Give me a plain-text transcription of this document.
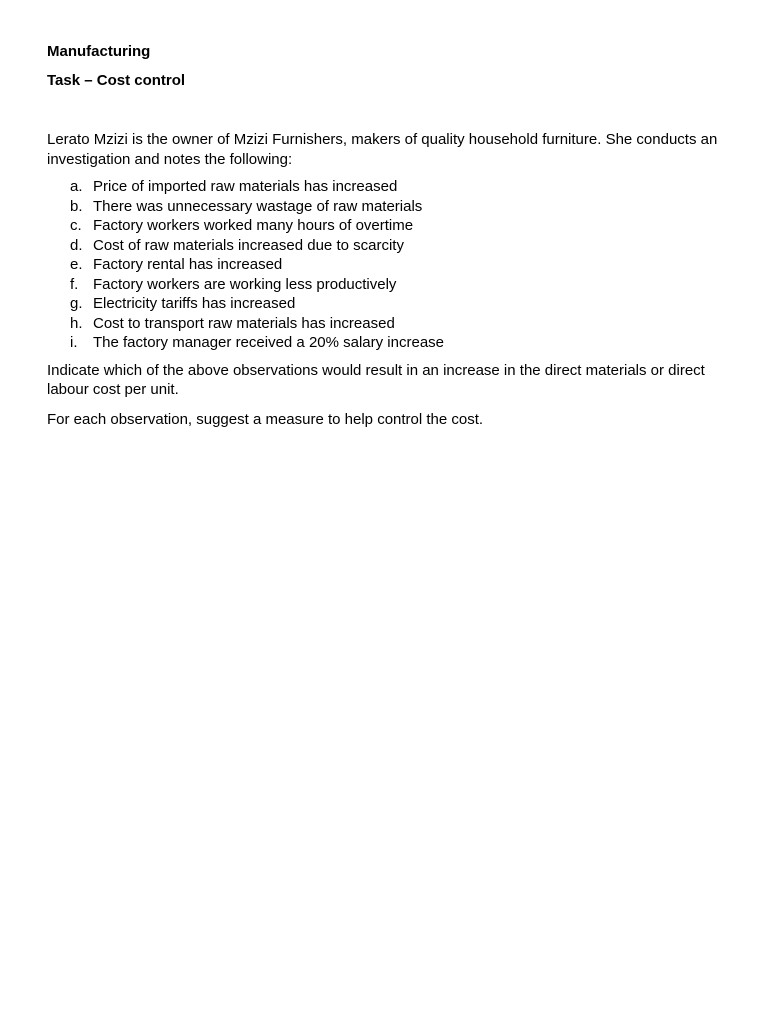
Manufacturing

Task – Cost control

Lerato Mzizi is the owner of Mzizi Furnishers, makers of quality household furniture. She conducts an investigation and notes the following:

a. Price of imported raw materials has increased
b. There was unnecessary wastage of raw materials
c. Factory workers worked many hours of overtime
d. Cost of raw materials increased due to scarcity
e. Factory rental has increased
f. Factory workers are working less productively
g. Electricity tariffs has increased
h. Cost to transport raw materials has increased
i.	The factory manager received a 20% salary increase

Indicate which of the above observations would result in an increase in the direct materials or direct labour cost per unit.

For each observation, suggest a measure to help control the cost.
